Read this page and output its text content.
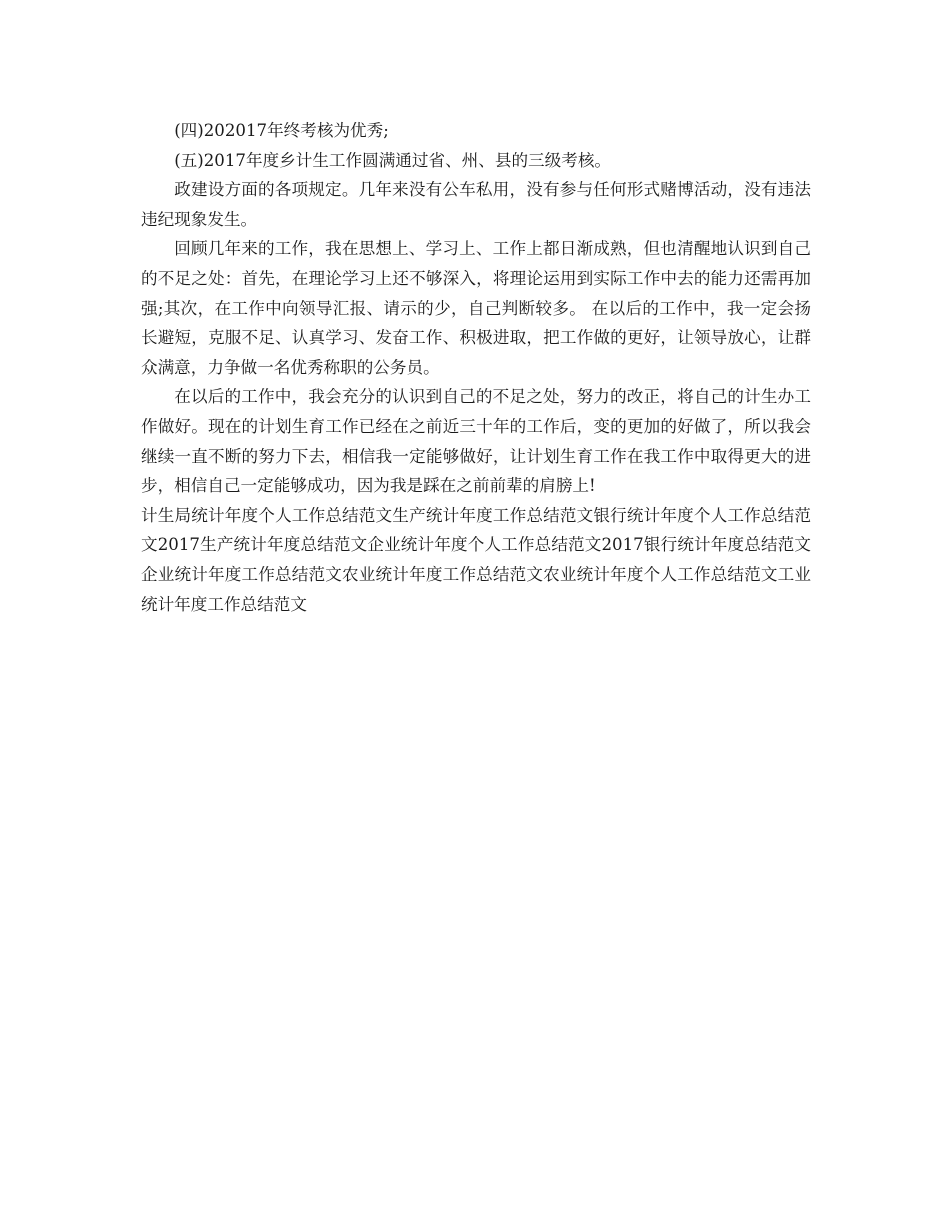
(四)202017年终考核为优秀;

(五)2017年度乡计生工作圆满通过省、州、县的三级考核。

政建设方面的各项规定。几年来没有公车私用，没有参与任何形式赌博活动，没有违法违纪现象发生。

回顾几年来的工作，我在思想上、学习上、工作上都日渐成熟，但也清醒地认识到自己的不足之处：首先，在理论学习上还不够深入，将理论运用到实际工作中去的能力还需再加强;其次，在工作中向领导汇报、请示的少，自己判断较多。 在以后的工作中，我一定会扬长避短，克服不足、认真学习、发奋工作、积极进取，把工作做的更好，让领导放心，让群众满意，力争做一名优秀称职的公务员。

在以后的工作中，我会充分的认识到自己的不足之处，努力的改正，将自己的计生办工作做好。现在的计划生育工作已经在之前近三十年的工作后，变的更加的好做了，所以我会继续一直不断的努力下去，相信我一定能够做好，让计划生育工作在我工作中取得更大的进步，相信自己一定能够成功，因为我是踩在之前前辈的肩膀上!

计生局统计年度个人工作总结范文生产统计年度工作总结范文银行统计年度个人工作总结范文2017生产统计年度总结范文企业统计年度个人工作总结范文2017银行统计年度总结范文企业统计年度工作总结范文农业统计年度工作总结范文农业统计年度个人工作总结范文工业统计年度工作总结范文
